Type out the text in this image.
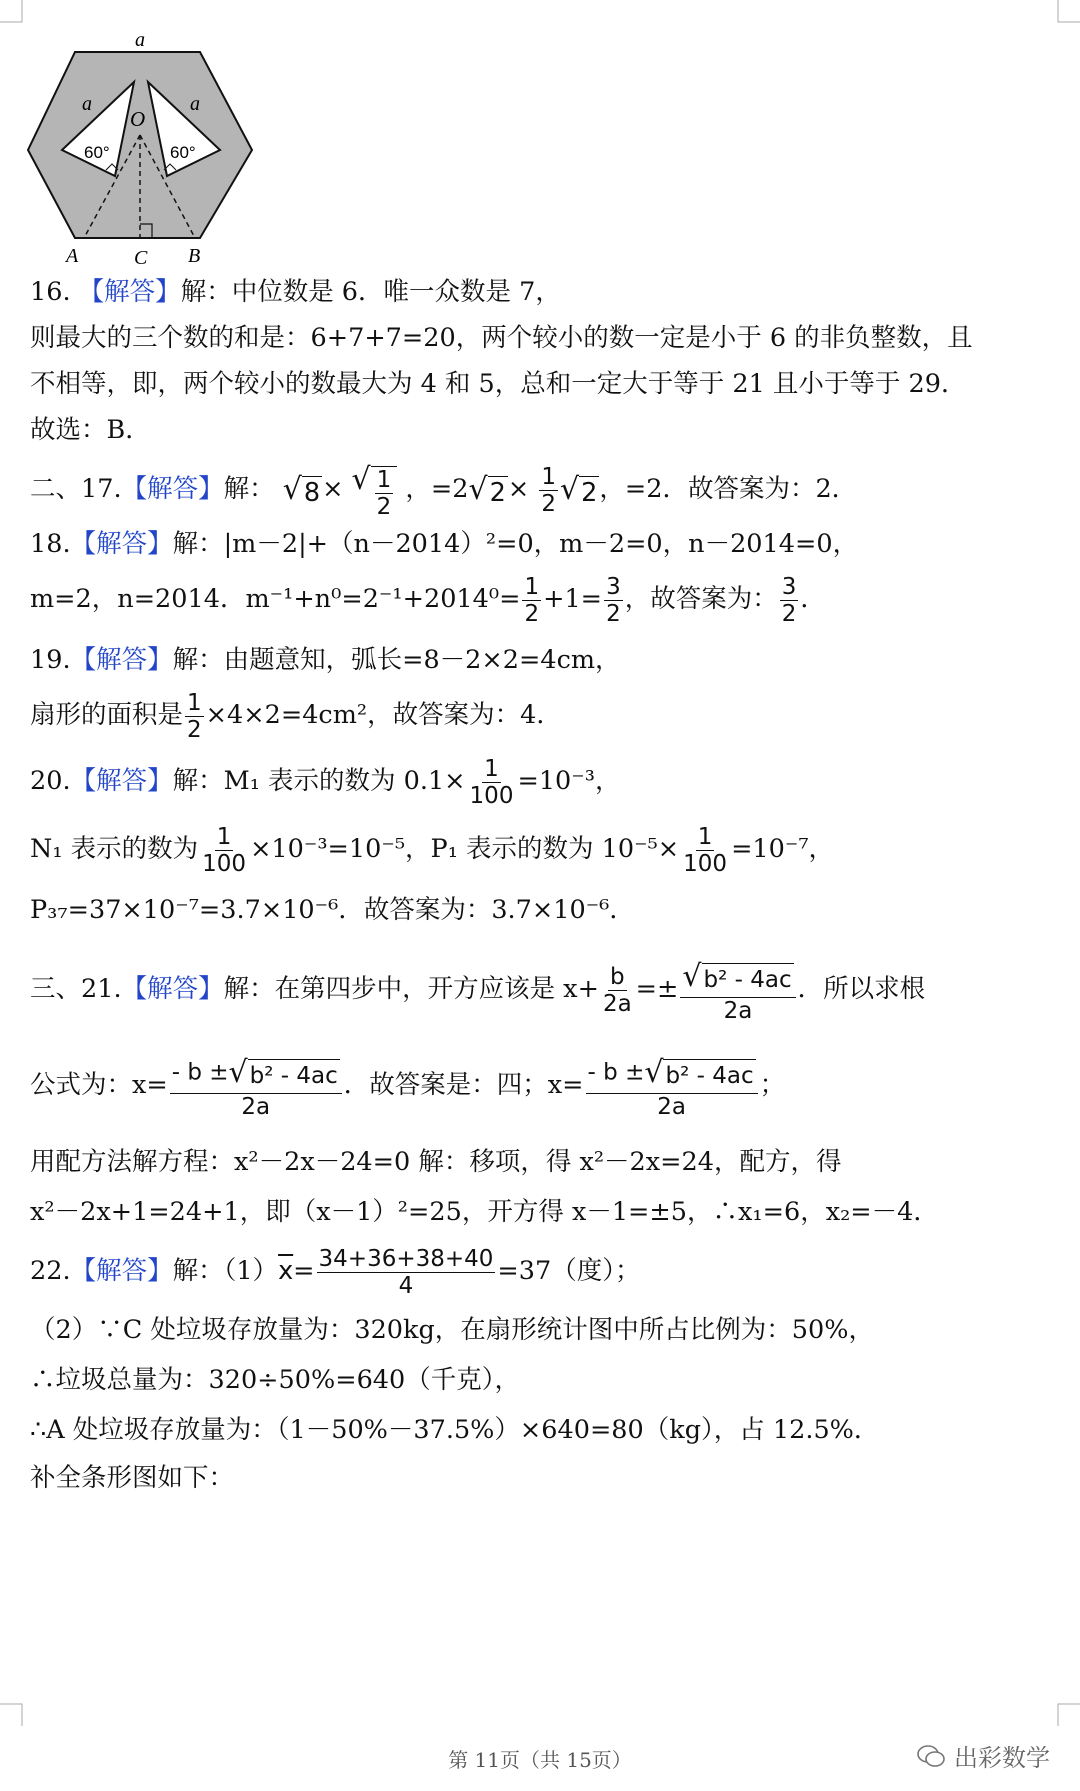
a
a	a
O
60°	60°
A	C B
16. 【解答】解：中位数是 6．唯一众数是 7，
则最大的三个数的和是：6+7+7=20，两个较小的数一定是小于 6 的非负整数，且
不相等，即，两个较小的数最大为 4 和 5，总和一定大于等于 21 且小于等于 29．
故选：B．
二、17.【解答】解： √ 8 × √ $\frac{1}{2}$ ，=2 √ $2 \times \frac{1}{2}$ √ 2 ，=2．故答案为：2．
18.【解答】解：|m－2|+（n－2014）²=0，m－2=0，n－2014=0，
m=2，n=2014．$m^{-1}+n^0=2^{-1}+2014^0= \frac{1}{2} +1= \frac{3}{2}$ ，故答案为： $\frac{3}{2}$ ．
19.【解答】解：由题意知，弧长=8－2×2=4cm，
扇形的面积是 $\frac{1}{2} \times 4\times 2=4cm^2$，故答案为：4．
20.【解答】解：M₁ 表示的数为 $0.1\times \frac{1}{100} =10^{-3}$，
N₁ 表示的数为 $\frac{1}{100} \times 10^{-3}=10^{-5}$，P₁ 表示的数为 $10^{-5}\times \frac{1}{100} =10^{-7}$，
P₃₇=37×10⁻⁷=3.7×10⁻⁶．故答案为：3.7×10⁻⁶．
三、21.【解答】解：在第四步中，开方应该是 $x+ \frac{b}{2a} =\pm \frac{\text{√ b² - 4ac}}{2a}$ ．所以求根
公式为：$x= \frac{\text{- b ± √ b² - 4ac}}{2a}$ ．故答案是：四；$x= \frac{\text{- b ± √ b² - 4ac}}{2a}$ ；
用配方法解方程：x²－2x－24=0 解：移项，得 x²－2x=24，配方，得
x²－2x+1=24+1，即（x－1）²=25，开方得 x－1=±5，∴x₁=6，x₂=－4．
22.【解答】解：$(1)\overline{x}= \frac{34+36+38+40}{4} =37$（度）；
（2）∵C 处垃圾存放量为：320kg，在扇形统计图中所占比例为：50%，
∴垃圾总量为：320÷50%=640（千克），
∴A 处垃圾存放量为：（1－50%－37.5%）×640=80（kg），占 12.5%．
补全条形图如下：
第 11页（共 15页）	出彩数学
